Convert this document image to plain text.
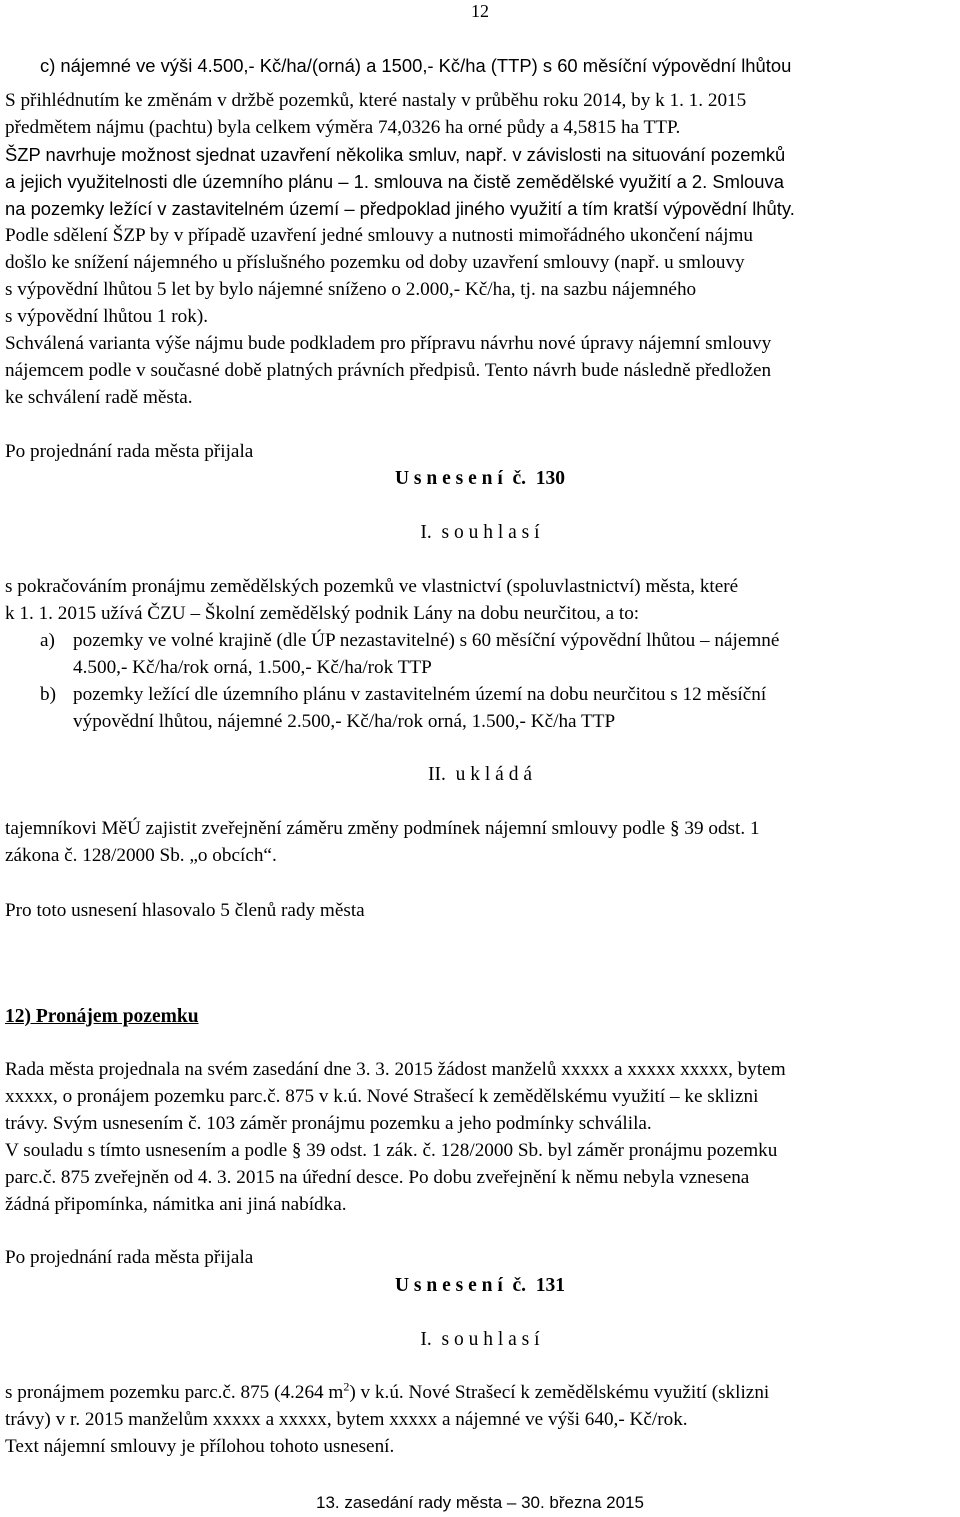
12

c) nájemné ve výši 4.500,- Kč/ha/(orná) a 1500,- Kč/ha (TTP) s 60 měsíční výpovědní lhůtou

S přihlédnutím ke změnám v držbě pozemků, které nastaly v průběhu roku 2014, by k 1. 1. 2015

předmětem nájmu (pachtu) byla celkem výměra 74,0326 ha orné půdy a 4,5815 ha TTP.

ŠZP navrhuje možnost sjednat uzavření několika smluv, např. v závislosti na situování pozemků

a jejich využitelnosti dle územního plánu – 1. smlouva na čistě zemědělské využití a 2. Smlouva

na pozemky ležící v zastavitelném území – předpoklad jiného využití a tím kratší výpovědní lhůty.

Podle sdělení ŠZP by v případě uzavření jedné smlouvy a nutnosti mimořádného ukončení nájmu

došlo ke snížení nájemného u příslušného pozemku od doby uzavření smlouvy (např. u smlouvy

s výpovědní lhůtou 5 let by bylo nájemné sníženo o 2.000,- Kč/ha, tj. na sazbu nájemného

s výpovědní lhůtou 1 rok).

Schválená varianta výše nájmu bude podkladem pro přípravu návrhu nové úpravy nájemní smlouvy

nájemcem podle v současné době platných právních předpisů. Tento návrh bude následně předložen

ke schválení radě města.

Po projednání rada města přijala

U s n e s e n í  č.  130

I.  s o u h l a s í

s pokračováním pronájmu zemědělských pozemků ve vlastnictví (spoluvlastnictví) města, které

k 1. 1. 2015 užívá ČZU – Školní zemědělský podnik Lány na dobu neurčitou, a to:

a) pozemky ve volné krajině (dle ÚP nezastavitelné) s 60 měsíční výpovědní lhůtou – nájemné

4.500,- Kč/ha/rok orná, 1.500,- Kč/ha/rok TTP

b) pozemky ležící dle územního plánu v zastavitelném území na dobu neurčitou s 12 měsíční

výpovědní lhůtou, nájemné 2.500,- Kč/ha/rok orná, 1.500,- Kč/ha TTP

II.  u k l á d á

tajemníkovi MěÚ zajistit zveřejnění záměru změny podmínek nájemní smlouvy podle § 39 odst. 1

zákona č. 128/2000 Sb. „o obcích“.

Pro toto usnesení hlasovalo 5 členů rady města

12) Pronájem pozemku

Rada města projednala na svém zasedání dne 3. 3. 2015 žádost manželů xxxxx a xxxxx xxxxx, bytem

xxxxx, o pronájem pozemku parc.č. 875 v k.ú. Nové Strašecí k zemědělskému využití – ke sklizni

trávy. Svým usnesením č. 103 záměr pronájmu pozemku a jeho podmínky schválila.

V souladu s tímto usnesením a podle § 39 odst. 1 zák. č. 128/2000 Sb. byl záměr pronájmu pozemku

parc.č. 875 zveřejněn od 4. 3. 2015 na úřední desce. Po dobu zveřejnění k němu nebyla vznesena

žádná připomínka, námitka ani jiná nabídka.

Po projednání rada města přijala

U s n e s e n í  č.  131

I.  s o u h l a s í

s pronájmem pozemku parc.č. 875 (4.264 $m^2$) v k.ú. Nové Strašecí k zemědělskému využití (sklizni

trávy) v r. 2015 manželům xxxxx a xxxxx, bytem xxxxx a nájemné ve výši 640,- Kč/rok.

Text nájemní smlouvy je přílohou tohoto usnesení.

13. zasedání rady města – 30. března 2015
